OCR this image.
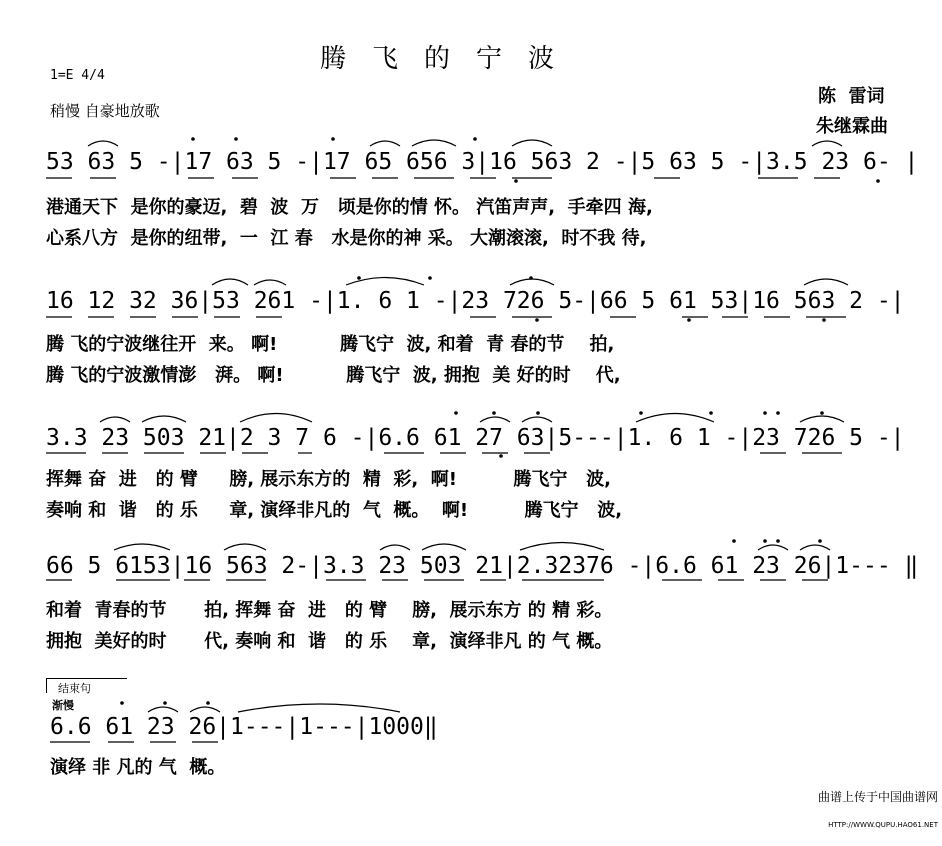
腾飞的宁波
1=E 4/4
稍慢 自豪地放歌
陈  雷词
朱继霖曲
53 63 5 -|17 63 5 -|17 65 656 3|16 563 2 -|5 63 5 -|3.5 23 6- |
港通天下  是你的豪迈,  碧  波  万   顷是你的情 怀。 汽笛声声,  手牵四 海,
心系八方  是你的纽带,  一  江 春   水是你的神 采。 大潮滚滚,  时不我 待,
16 12 32 36|53 261 -|1. 6 1 -|23 726 5-|66 5 61 53|16 563 2 -|
腾 飞的宁波继往开  来。 啊!          腾飞宁  波, 和着  青 春的节    拍,
腾 飞的宁波激情澎   湃。 啊!          腾飞宁  波, 拥抱  美 好的时    代,
3.3 23 503 21|2 3 7 6 -|6.6 61 27 63|5---|1. 6 1 -|23 726 5 -|
挥舞 奋  进   的 臂     膀, 展示东方的  精  彩,  啊!         腾飞宁   波,
奏响 和  谐   的 乐     章, 演绎非凡的  气  概。  啊!         腾飞宁   波,
66 5 6153|16 563 2-|3.3 23 503 21|2.32376 -|6.6 61 23 26|1--- ‖
和着  青春的节      拍, 挥舞 奋  进   的 臂    膀,  展示东方 的 精 彩。
拥抱  美好的时      代, 奏响 和  谐   的 乐    章,  演绎非凡 的 气 概。
结束句
渐慢
6.6 61 23 26|1---|1---|1000‖
演绎 非 凡的 气  概。

曲谱上传于中国曲谱网

HTTP://WWW.QUPU.HAO61.NET
